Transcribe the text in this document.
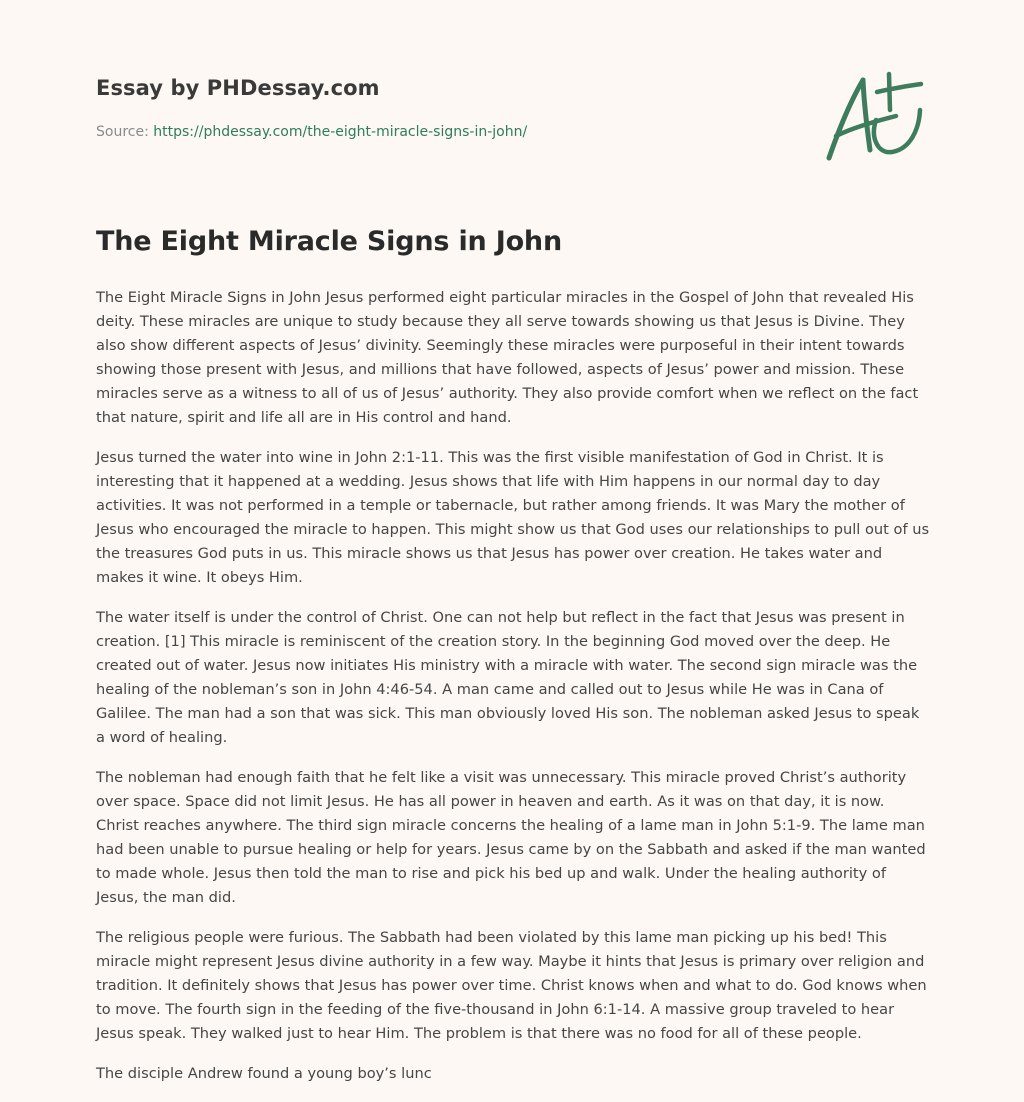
Essay by PHDessay.com
Source: https://phdessay.com/the-eight-miracle-signs-in-john/
The Eight Miracle Signs in John

The Eight Miracle Signs in John Jesus performed eight particular miracles in the Gospel of John that revealed His deity. These miracles are unique to study because they all serve towards showing us that Jesus is Divine. They also show different aspects of Jesus’ divinity. Seemingly these miracles were purposeful in their intent towards showing those present with Jesus, and millions that have followed, aspects of Jesus’ power and mission. These miracles serve as a witness to all of us of Jesus’ authority. They also provide comfort when we reflect on the fact that nature, spirit and life all are in His control and hand.

Jesus turned the water into wine in John 2:1-11. This was the first visible manifestation of God in Christ. It is interesting that it happened at a wedding. Jesus shows that life with Him happens in our normal day to day activities. It was not performed in a temple or tabernacle, but rather among friends. It was Mary the mother of Jesus who encouraged the miracle to happen. This might show us that God uses our relationships to pull out of us the treasures God puts in us. This miracle shows us that Jesus has power over creation. He takes water and makes it wine. It obeys Him.

The water itself is under the control of Christ. One can not help but reflect in the fact that Jesus was present in creation. [1] This miracle is reminiscent of the creation story. In the beginning God moved over the deep. He created out of water. Jesus now initiates His ministry with a miracle with water. The second sign miracle was the healing of the nobleman’s son in John 4:46-54. A man came and called out to Jesus while He was in Cana of Galilee. The man had a son that was sick. This man obviously loved His son. The nobleman asked Jesus to speak a word of healing.

The nobleman had enough faith that he felt like a visit was unnecessary. This miracle proved Christ’s authority over space. Space did not limit Jesus. He has all power in heaven and earth. As it was on that day, it is now. Christ reaches anywhere. The third sign miracle concerns the healing of a lame man in John 5:1-9. The lame man had been unable to pursue healing or help for years. Jesus came by on the Sabbath and asked if the man wanted to made whole. Jesus then told the man to rise and pick his bed up and walk. Under the healing authority of Jesus, the man did.

The religious people were furious. The Sabbath had been violated by this lame man picking up his bed! This miracle might represent Jesus divine authority in a few way. Maybe it hints that Jesus is primary over religion and tradition. It definitely shows that Jesus has power over time. Christ knows when and what to do. God knows when to move. The fourth sign in the feeding of the five-thousand in John 6:1-14. A massive group traveled to hear Jesus speak. They walked just to hear Him. The problem is that there was no food for all of these people.

The disciple Andrew found a young boy’s lunc
